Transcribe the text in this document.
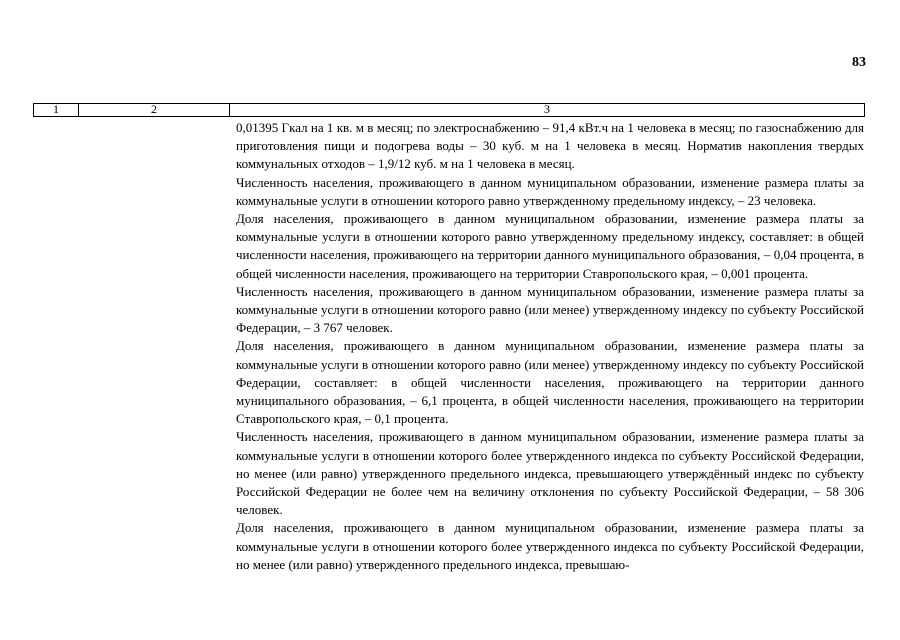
83
1	2	3

0,01395 Гкал на 1 кв. м в месяц; по электроснабжению – 91,4 кВт.ч на 1 человека в месяц; по газоснабжению для приготовления пищи и подогрева воды – 30 куб. м на 1 человека в месяц. Норматив накопления твердых коммунальных отходов – 1,9/12 куб. м на 1 человека в месяц.

Численность населения, проживающего в данном муниципальном образовании, изменение размера платы за коммунальные услуги в отношении которого равно утвержденному предельному индексу, – 23 человека.

Доля населения, проживающего в данном муниципальном образовании, изменение размера платы за коммунальные услуги в отношении которого равно утвержденному предельному индексу, составляет: в общей численности населения, проживающего на территории данного муниципального образования, – 0,04 процента, в общей численности населения, проживающего на территории Ставропольского края, – 0,001 процента.

Численность населения, проживающего в данном муниципальном образовании, изменение размера платы за коммунальные услуги в отношении которого равно (или менее) утвержденному индексу по субъекту Российской Федерации, – 3 767 человек.

Доля населения, проживающего в данном муниципальном образовании, изменение размера платы за коммунальные услуги в отношении которого равно (или менее) утвержденному индексу по субъекту Российской Федерации, составляет: в общей численности населения, проживающего на территории данного муниципального образования, – 6,1 процента, в общей численности населения, проживающего на территории Ставропольского края, – 0,1 процента.

Численность населения, проживающего в данном муниципальном образовании, изменение размера платы за коммунальные услуги в отношении которого более утвержденного индекса по субъекту Российской Федерации, но менее (или равно) утвержденного предельного индекса, превышающего утверждённый индекс по субъекту Российской Федерации не более чем на величину отклонения по субъекту Российской Федерации, – 58 306 человек.

Доля населения, проживающего в данном муниципальном образовании, изменение размера платы за коммунальные услуги в отношении которого более утвержденного индекса по субъекту Российской Федерации, но менее (или равно) утвержденного предельного индекса, превышаю-
